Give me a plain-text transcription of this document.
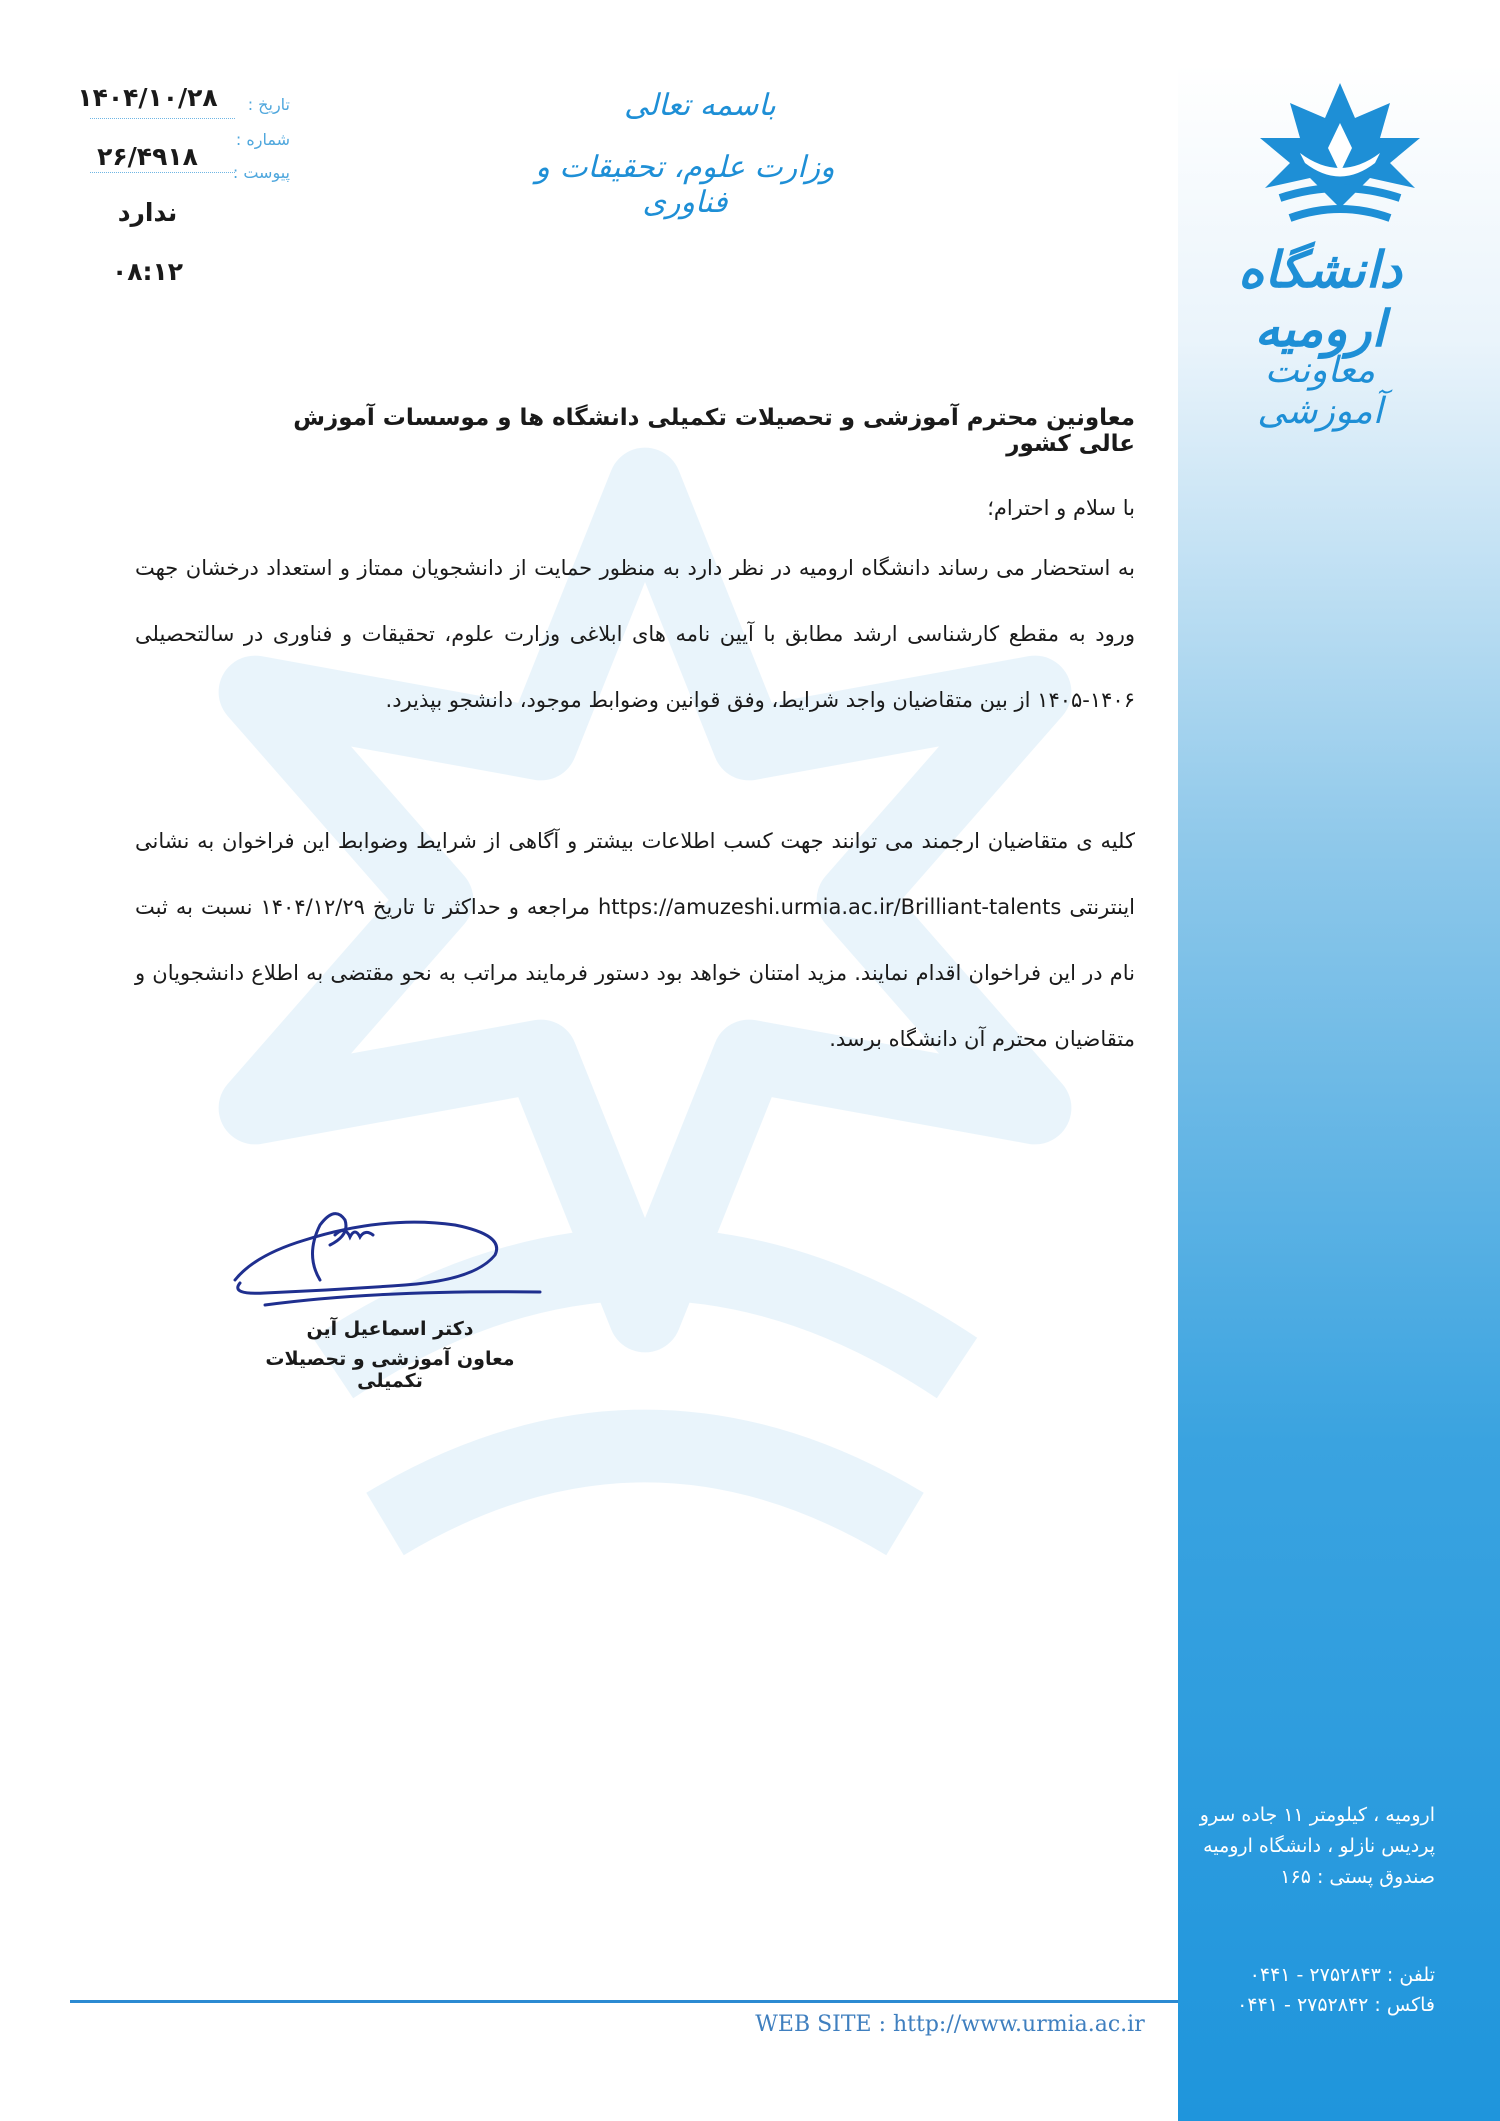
دانشگاه ارومیه
معاونت آموزشی
باسمه تعالی
وزارت علوم، تحقیقات و فناوری
تاریخ :
۱۴۰۴/۱۰/۲۸
شماره :
۲۶/۴۹۱۸
پیوست :
ندارد
۰۸:۱۲
معاونین محترم آموزشی و تحصیلات تکمیلی دانشگاه ها و موسسات آموزش عالی کشور
با سلام و احترام؛
به استحضار می رساند دانشگاه ارومیه در نظر دارد به منظور حمایت از دانشجویان ممتاز و استعداد درخشان جهت ورود به مقطع کارشناسی ارشد مطابق با آیین نامه های ابلاغی وزارت علوم، تحقیقات و فناوری در سالتحصیلی ۱۴۰۶-۱۴۰۵ از بین متقاضیان واجد شرایط، وفق قوانین وضوابط موجود، دانشجو بپذیرد.
کلیه ی متقاضیان ارجمند می توانند جهت کسب اطلاعات بیشتر و آگاهی از شرایط وضوابط این فراخوان به نشانی اینترنتی https://amuzeshi.urmia.ac.ir/Brilliant-talents مراجعه و حداکثر تا تاریخ ۱۴۰۴/۱۲/۲۹ نسبت به ثبت نام در این فراخوان اقدام نمایند. مزید امتنان خواهد بود دستور فرمایند مراتب به نحو مقتضی به اطلاع دانشجویان و متقاضیان محترم آن دانشگاه برسد.
دکتر اسماعیل آین
معاون آموزشی و تحصیلات تکمیلی
ارومیه ، کیلومتر ۱۱ جاده سرو
پردیس نازلو ، دانشگاه ارومیه
صندوق پستی : ۱۶۵
تلفن : ۲۷۵۲۸۴۳ - ۰۴۴۱
فاکس : ۲۷۵۲۸۴۲ - ۰۴۴۱
WEB SITE : http://www.urmia.ac.ir
